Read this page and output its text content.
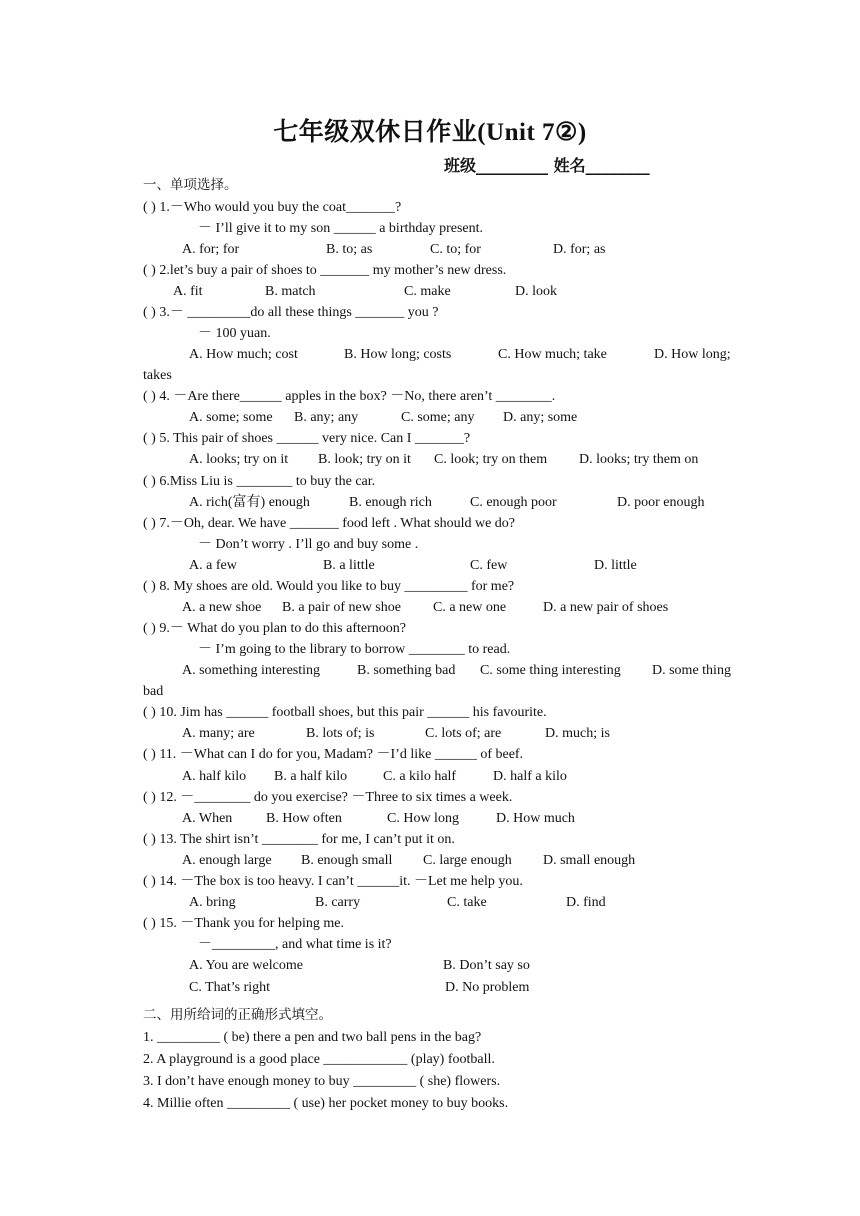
七年级双休日作业(Unit 7②)
班级_________ 姓名________
一、单项选择。
( ) 1.－Who would you buy the coat_______?
－ I’ll give it to my son ______ a birthday present.
A. for; for	B. to; as	C. to; for	D. for; as
( ) 2.let’s buy a pair of shoes to _______ my mother’s new dress.
A. fit	B. match	C. make	D. look
( ) 3.－ _________do all these things _______ you ?
－ 100 yuan.
A. How much; cost	B. How long; costs	C. How much; take	D. How long;
takes
( ) 4. －Are there______ apples in the box? －No, there aren’t ________.
A. some; some B. any; any	C. some; any D. any; some
( ) 5. This pair of shoes ______ very nice. Can I _______?
A. looks; try on it B. look; try on it C. look; try on them D. looks; try them on
( ) 6.Miss Liu is ________ to buy the car.
A. rich(富有) enough	B. enough rich	C. enough poor	D. poor enough
( ) 7.－Oh, dear. We have _______ food left . What should we do?
－ Don’t worry . I’ll go and buy some .
A. a few	B. a little	C. few	D. little
( ) 8. My shoes are old. Would you like to buy _________ for me?
A. a new shoe B. a pair of new shoe C. a new one	D. a new pair of shoes
( ) 9.－ What do you plan to do this afternoon?
－ I’m going to the library to borrow ________ to read.
A. something interesting	B. something bad C. some thing interesting D. some thing
bad
( ) 10. Jim has ______ football shoes, but this pair ______ his favourite.
A. many; are	B. lots of; is	C. lots of; are	D. much; is
( ) 11. －What can I do for you, Madam? －I’d like ______ of beef.
A. half kilo B. a half kilo	C. a kilo half	D. half a kilo
( ) 12. －________ do you exercise? －Three to six times a week.
A. When B. How often	C. How long	D. How much
( ) 13. The shirt isn’t ________ for me, I can’t put it on.
A. enough large B. enough small C. large enough D. small enough
( ) 14. －The box is too heavy. I can’t ______it. －Let me help you.
A. bring	B. carry	C. take	D. find
( ) 15. －Thank you for helping me.
－_________, and what time is it?
A. You are welcome	B. Don’t say so
C. That’s right	D. No problem
二、用所给词的正确形式填空。
1. _________ ( be) there a pen and two ball pens in the bag?
2. A playground is a good place ____________ (play) football.
3. I don’t have enough money to buy _________ ( she) flowers.
4. Millie often _________ ( use) her pocket money to buy books.
